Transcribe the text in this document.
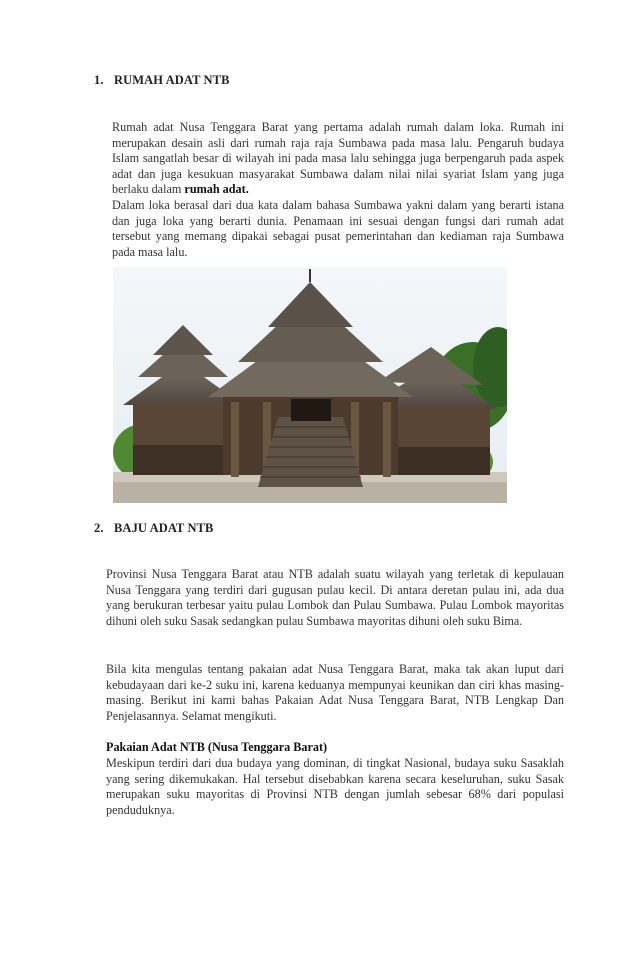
1. RUMAH ADAT NTB
Rumah adat Nusa Tenggara Barat yang pertama adalah rumah dalam loka. Rumah ini merupakan desain asli dari rumah raja raja Sumbawa pada masa lalu. Pengaruh budaya Islam sangatlah besar di wilayah ini pada masa lalu sehingga juga berpengaruh pada aspek adat dan juga kesukuan masyarakat Sumbawa dalam nilai nilai syariat Islam yang juga berlaku dalam rumah adat.
Dalam loka berasal dari dua kata dalam bahasa Sumbawa yakni dalam yang berarti istana dan juga loka yang berarti dunia. Penamaan ini sesuai dengan fungsi dari rumah adat tersebut yang memang dipakai sebagai pusat pemerintahan dan kediaman raja Sumbawa pada masa lalu.
2. BAJU ADAT NTB
Provinsi Nusa Tenggara Barat atau NTB adalah suatu wilayah yang terletak di kepulauan Nusa Tenggara yang terdiri dari gugusan pulau kecil. Di antara deretan pulau ini, ada dua yang berukuran terbesar yaitu pulau Lombok dan Pulau Sumbawa. Pulau Lombok mayoritas dihuni oleh suku Sasak sedangkan pulau Sumbawa mayoritas dihuni oleh suku Bima.
Bila kita mengulas tentang pakaian adat Nusa Tenggara Barat, maka tak akan luput dari kebudayaan dari ke-2 suku ini, karena keduanya mempunyai keunikan dan ciri khas masing-masing. Berikut ini kami bahas Pakaian Adat Nusa Tenggara Barat, NTB Lengkap Dan Penjelasannya. Selamat mengikuti.
Pakaian Adat NTB (Nusa Tenggara Barat)
Meskipun terdiri dari dua budaya yang dominan, di tingkat Nasional, budaya suku Sasaklah yang sering dikemukakan. Hal tersebut disebabkan karena secara keseluruhan, suku Sasak merupakan suku mayoritas di Provinsi NTB dengan jumlah sebesar 68% dari populasi penduduknya.
